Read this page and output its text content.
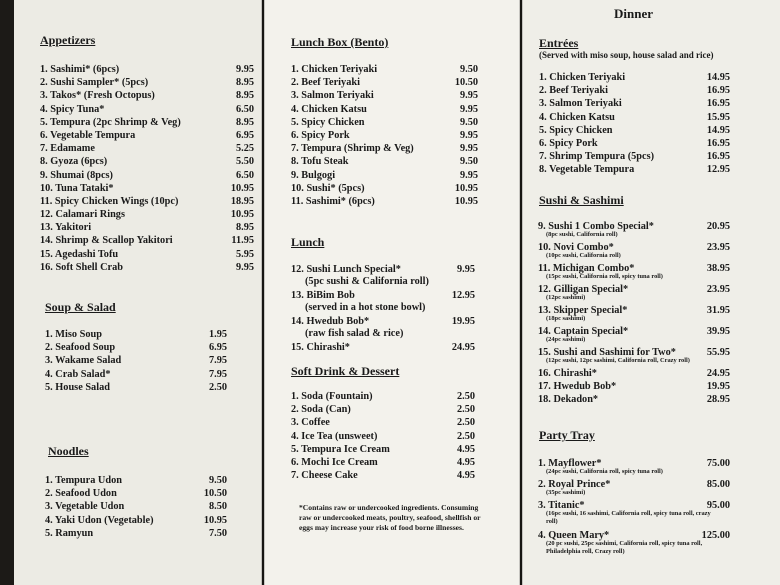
Appetizers
1. Sashimi* (6pcs)	9.95
2. Sushi Sampler* (5pcs)	8.95
3. Takos* (Fresh Octopus)	8.95
4. Spicy Tuna*	6.50
5. Tempura (2pc Shrimp & Veg)	8.95
6. Vegetable Tempura	6.95
7. Edamame	5.25
8. Gyoza (6pcs)	5.50
9. Shumai (8pcs)	6.50
10. Tuna Tataki*	10.95
11. Spicy Chicken Wings (10pc)	18.95
12. Calamari Rings	10.95
13. Yakitori	8.95
14. Shrimp & Scallop Yakitori	11.95
15. Agedashi Tofu	5.95
16. Soft Shell Crab	9.95
Soup & Salad
1. Miso Soup	1.95
2. Seafood Soup	6.95
3. Wakame Salad	7.95
4. Crab Salad*	7.95
5. House Salad	2.50
Noodles
1. Tempura Udon	9.50
2. Seafood Udon	10.50
3. Vegetable Udon	8.50
4. Yaki Udon (Vegetable)	10.95
5. Ramyun	7.50
Lunch Box (Bento)
1. Chicken Teriyaki	9.50
2. Beef Teriyaki	10.50
3. Salmon Teriyaki	9.95
4. Chicken Katsu	9.95
5. Spicy Chicken	9.50
6. Spicy Pork	9.95
7. Tempura (Shrimp & Veg)	9.95
8. Tofu Steak	9.50
9. Bulgogi	9.95
10. Sushi* (5pcs)	10.95
11. Sashimi* (6pcs)	10.95
Lunch
12. Sushi Lunch Special*	9.95
(5pc sushi & California roll)
13. BiBim Bob	12.95
(served in a hot stone bowl)
14. Hwedub Bob*	19.95
(raw fish salad & rice)
15. Chirashi*	24.95
Soft Drink & Dessert
1. Soda (Fountain)	2.50
2. Soda (Can)	2.50
3. Coffee	2.50
4. Ice Tea (unsweet)	2.50
5. Tempura Ice Cream	4.95
6. Mochi Ice Cream	4.95
7. Cheese Cake	4.95
*Contains raw or undercooked ingredients. Consuming raw or undercooked meats, poultry, seafood, shellfish or eggs may increase your risk of food borne illnesses.
Dinner
Entrées
(Served with miso soup, house salad and rice)
1. Chicken Teriyaki	14.95
2. Beef Teriyaki	16.95
3. Salmon Teriyaki	16.95
4. Chicken Katsu	15.95
5. Spicy Chicken	14.95
6. Spicy Pork	16.95
7. Shrimp Tempura (5pcs)	16.95
8. Vegetable Tempura	12.95
Sushi & Sashimi
9. Sushi 1 Combo Special*	20.95
(8pc sushi, California roll)
10. Novi Combo*	23.95
(10pc sushi, California roll)
11. Michigan Combo*	38.95
(15pc sushi, California roll, spicy tuna roll)
12. Gilligan Special*	23.95
(12pc sashimi)
13. Skipper Special*	31.95
(18pc sashimi)
14. Captain Special*	39.95
(24pc sashimi)
15. Sushi and Sashimi for Two*	55.95
(12pc sushi, 12pc sashimi, California roll, Crazy roll)
16. Chirashi*	24.95
17. Hwedub Bob*	19.95
18. Dekadon*	28.95
Party Tray
1. Mayflower*	75.00
(24pc sushi, California roll, spicy tuna roll)
2. Royal Prince*	85.00
(35pc sashimi)
3. Titanic*	95.00
(16pc sushi, 16 sashimi, California roll, spicy tuna roll, crazy roll)
4. Queen Mary*	125.00
(20 pc sushi, 25pc sashimi, California roll, spicy tuna roll, Philadelphia roll, Crazy roll)
